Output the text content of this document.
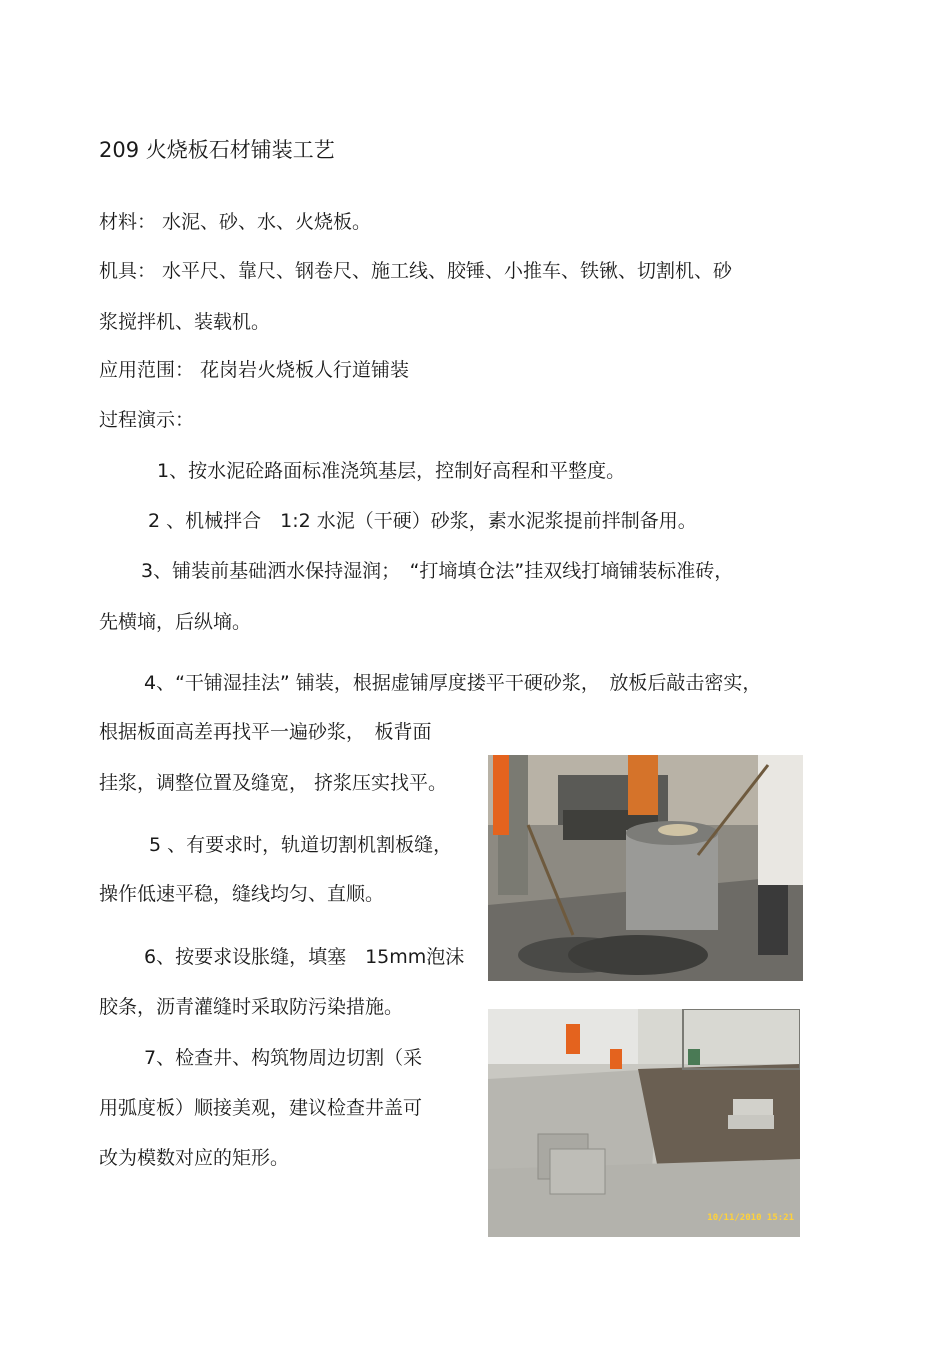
209 火烧板石材铺装工艺
材料： 水泥、砂、水、火烧板。
机具： 水平尺、靠尺、钢卷尺、施工线、胶锤、小推车、铁锹、切割机、砂
浆搅拌机、装载机。
应用范围： 花岗岩火烧板人行道铺装
过程演示：
1、按水泥砼路面标准浇筑基层，控制好高程和平整度。
2 、机械拌合　1:2 水泥（干硬）砂浆，素水泥浆提前拌制备用。
3、铺装前基础洒水保持湿润；　“打墒填仓法”挂双线打墒铺装标准砖，
先横墒，后纵墒。
4、“干铺湿挂法” 铺装，根据虚铺厚度搂平干硬砂浆，　放板后敲击密实，
根据板面高差再找平一遍砂浆，　板背面
挂浆，调整位置及缝宽， 挤浆压实找平。
5 、有要求时，轨道切割机割板缝，
操作低速平稳，缝线均匀、直顺。
6、按要求设胀缝，填塞　15mm泡沫
胶条，沥青灌缝时采取防污染措施。
7、检查井、构筑物周边切割（采
用弧度板）顺接美观，建议检查井盖可
改为模数对应的矩形。
10/11/2010 15:21
